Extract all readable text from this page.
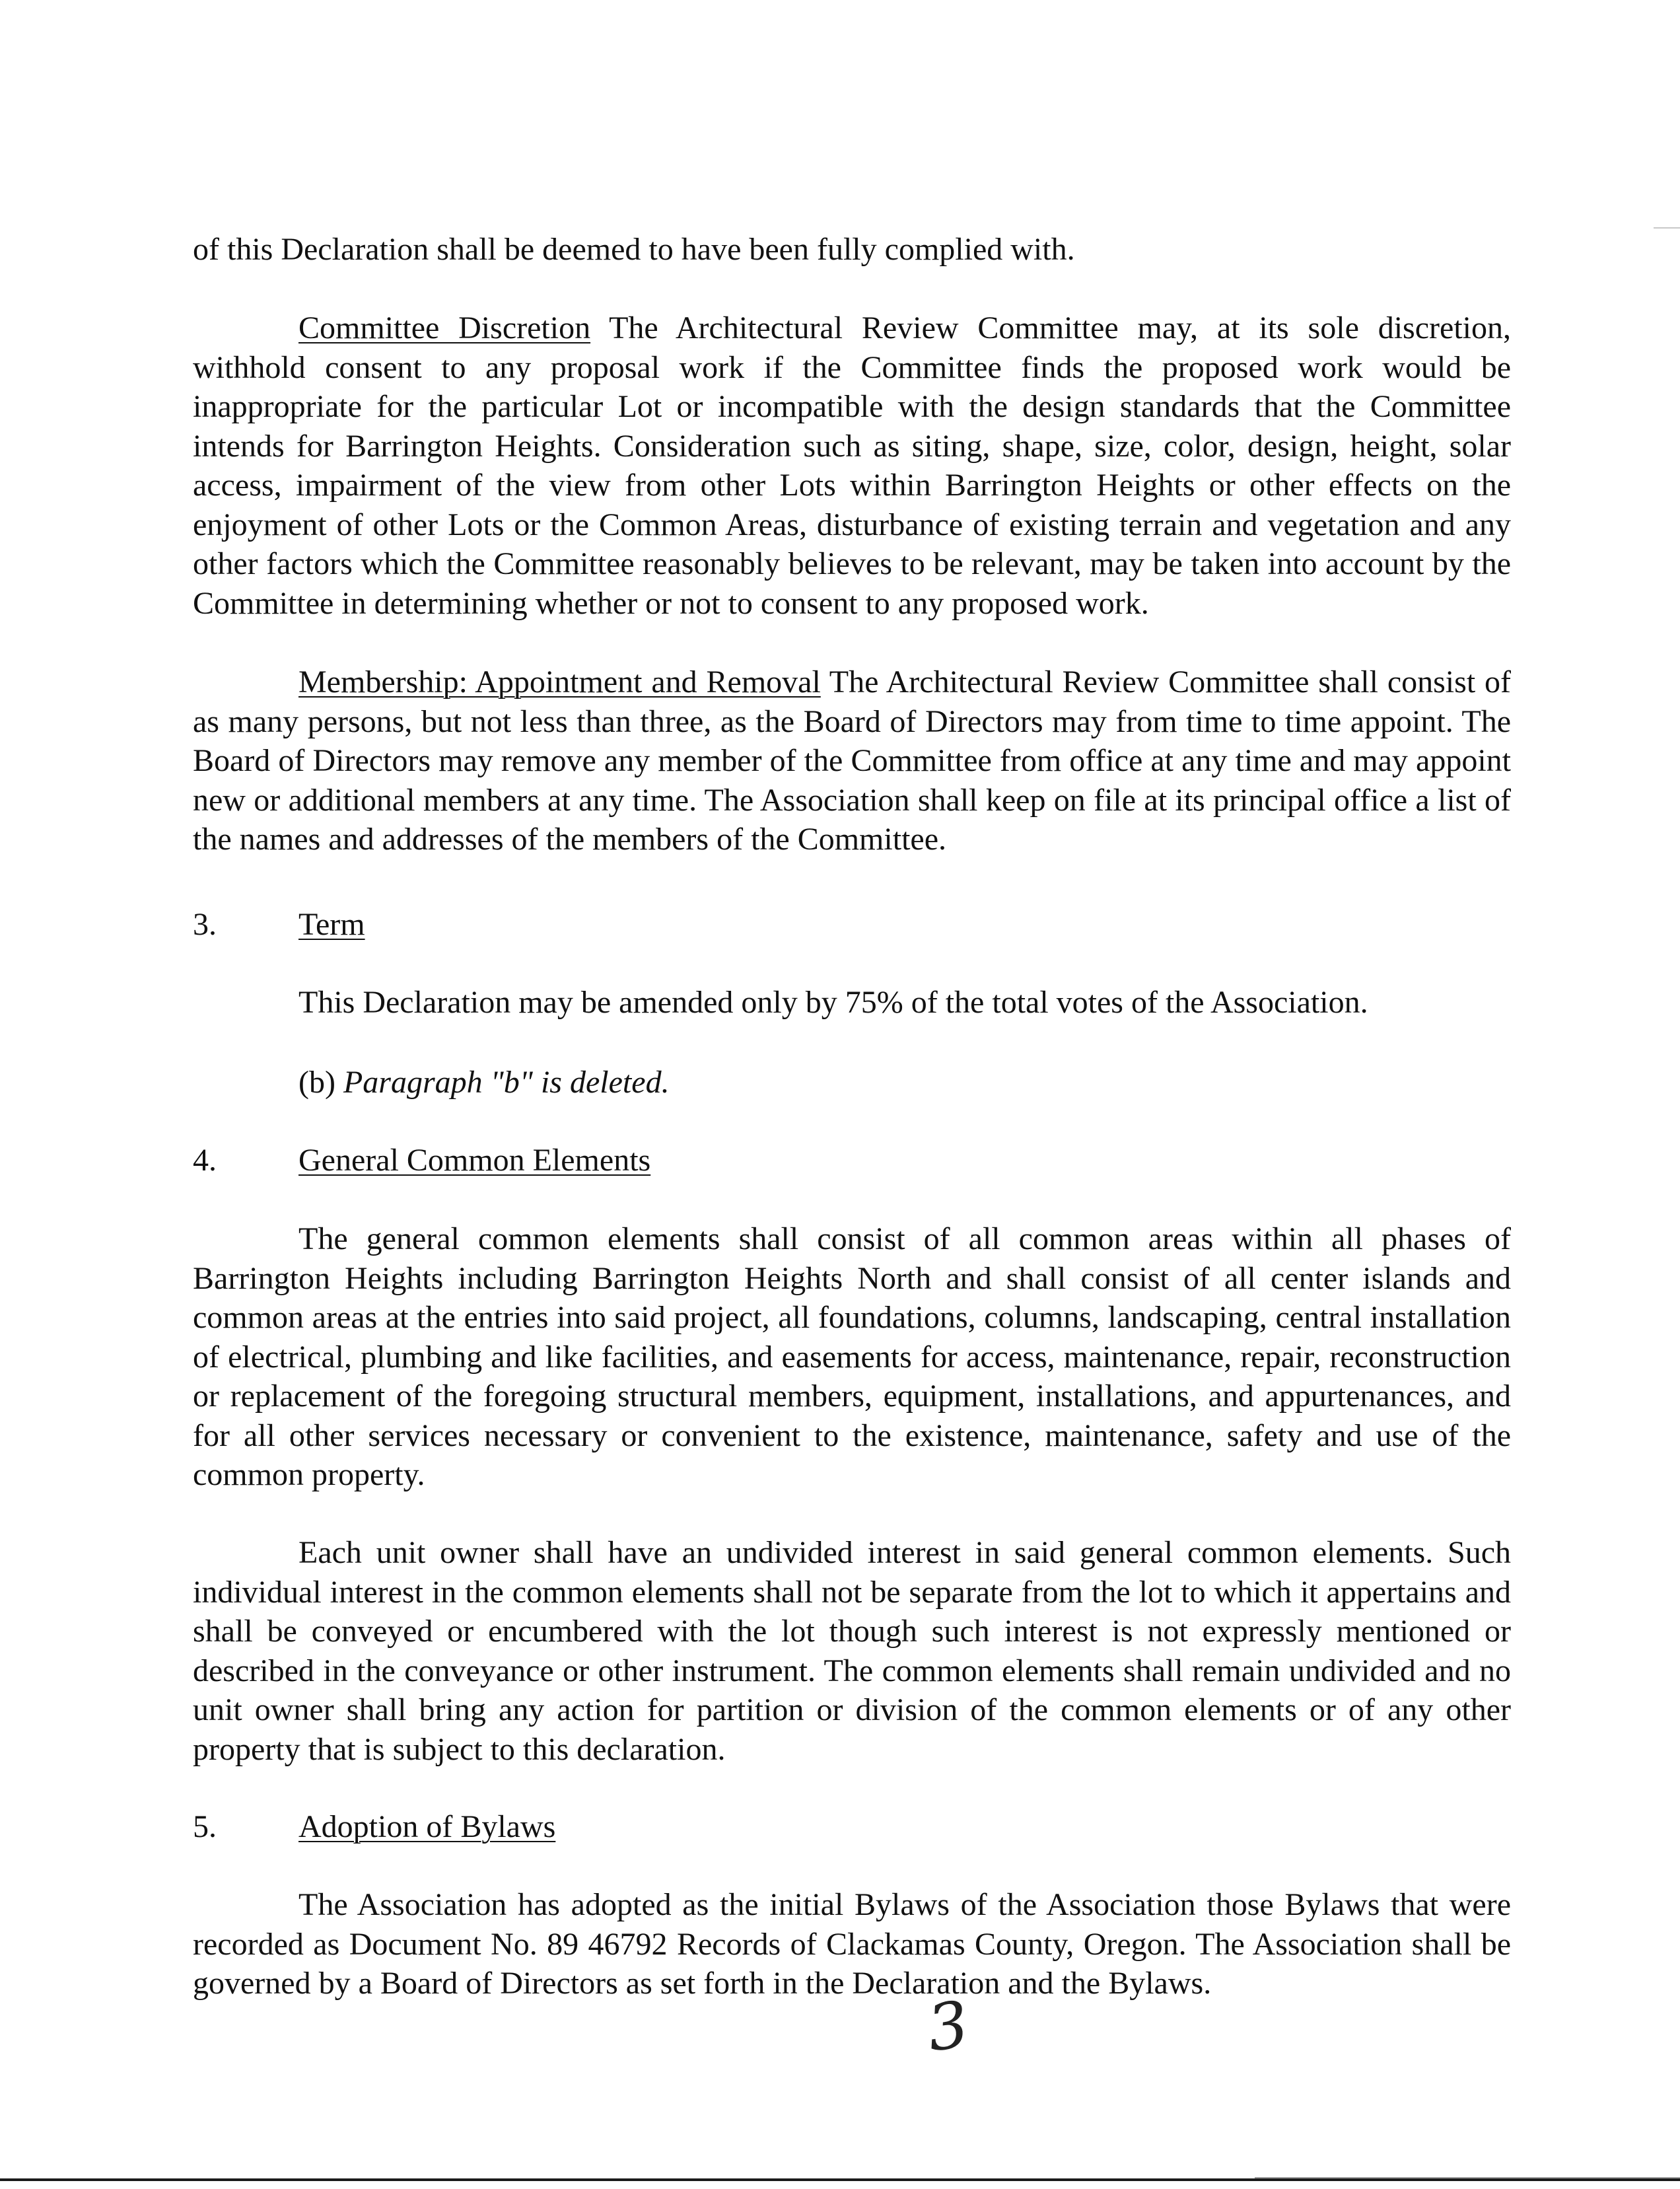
of this Declaration shall be deemed to have been fully complied with.

Committee Discretion The Architectural Review Committee may, at its sole discretion, withhold consent to any proposal work if the Committee finds the proposed work would be inappropriate for the particular Lot or incompatible with the design standards that the Committee intends for Barrington Heights. Consideration such as siting, shape, size, color, design, height, solar access, impairment of the view from other Lots within Barrington Heights or other effects on the enjoyment of other Lots or the Common Areas, disturbance of existing terrain and vegetation and any other factors which the Committee reasonably believes to be relevant, may be taken into account by the Committee in determining whether or not to consent to any proposed work.

Membership: Appointment and Removal The Architectural Review Committee shall consist of as many persons, but not less than three, as the Board of Directors may from time to time appoint. The Board of Directors may remove any member of the Committee from office at any time and may appoint new or additional members at any time. The Association shall keep on file at its principal office a list of the names and addresses of the members of the Committee.

3.	Term
This Declaration may be amended only by 75% of the total votes of the Association.
(b) Paragraph "b" is deleted.
4.	General Common Elements

The general common elements shall consist of all common areas within all phases of Barrington Heights including Barrington Heights North and shall consist of all center islands and common areas at the entries into said project, all foundations, columns, landscaping, central installation of electrical, plumbing and like facilities, and easements for access, maintenance, repair, reconstruction or replacement of the foregoing structural members, equipment, installations, and appurtenances, and for all other services necessary or convenient to the existence, maintenance, safety and use of the common property.

Each unit owner shall have an undivided interest in said general common elements. Such individual interest in the common elements shall not be separate from the lot to which it appertains and shall be conveyed or encumbered with the lot though such interest is not expressly mentioned or described in the conveyance or other instrument. The common elements shall remain undivided and no unit owner shall bring any action for partition or division of the common elements or of any other property that is subject to this declaration.

5.	Adoption of Bylaws

The Association has adopted as the initial Bylaws of the Association those Bylaws that were recorded as Document No. 89 46792 Records of Clackamas County, Oregon. The Association shall be governed by a Board of Directors as set forth in the Declaration and the Bylaws.

3
